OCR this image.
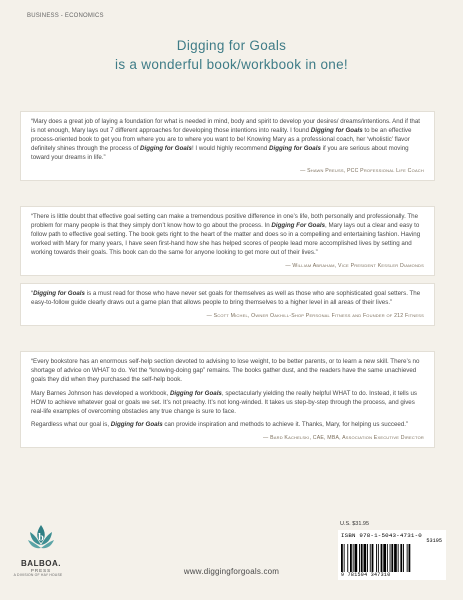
BUSINESS - ECONOMICS
Digging for Goals
is a wonderful book/workbook in one!

“Mary does a great job of laying a foundation for what is needed in mind, body and spirit to develop your desires/ dreams/intentions. And if that is not enough, Mary lays out 7 different approaches for developing those intentions into reality. I found Digging for Goals to be an effective process-oriented book to get you from where you are to where you want to be! Knowing Mary as a professional coach, her ‘wholistic’ flavor definitely shines through the process of Digging for Goals! I would highly recommend Digging for Goals if you are serious about moving toward your dreams in life.”

— Shawn Preuss, PCC Professional Life Coach

“There is little doubt that effective goal setting can make a tremendous positive difference in one’s life, both personally and professionally. The problem for many people is that they simply don’t know how to go about the process. In Digging For Goals, Mary lays out a clear and easy to follow path to effective goal setting. The book gets right to the heart of the matter and does so in a compelling and entertaining fashion. Having worked with Mary for many years, I have seen first-hand how she has helped scores of people lead more accomplished lives by setting and working towards their goals. This book can do the same for anyone looking to get more out of their lives.”

— William Abraham, Vice President Kessler Diamonds

“Digging for Goals is a must read for those who have never set goals for themselves as well as those who are sophisticated goal setters. The easy-to-follow guide clearly draws out a game plan that allows people to bring themselves to a higher level in all areas of their lives.”

— Scott Michel, Owner Oakhill-Shop Personal Fitness and Founder of 212 Fitness

“Every bookstore has an enormous self-help section devoted to advising to lose weight, to be better parents, or to learn a new skill. There’s no shortage of advice on WHAT to do. Yet the “knowing-doing gap” remains. The books gather dust, and the readers have the same unachieved goals they did when they purchased the self-help book.

Mary Barnes Johnson has developed a workbook, Digging for Goals, spectacularly yielding the really helpful WHAT to do. Instead, it tells us HOW to achieve whatever goal or goals we set. It’s not preachy. It’s not long-winded. It takes us step-by-step through the process, and gives real-life examples of overcoming obstacles any true change is sure to face.

Regardless what our goal is, Digging for Goals can provide inspiration and methods to achieve it. Thanks, Mary, for helping us succeed.”

— Bard Kachelski, CAE, MBA, Association Executive Director
U.S. $31.95
ISBN 978-1-5043-4731-0
53195
9 781504 347310
b
BALBOA.
PRESS
A DIVISION OF HAY HOUSE	www.diggingforgoals.com
